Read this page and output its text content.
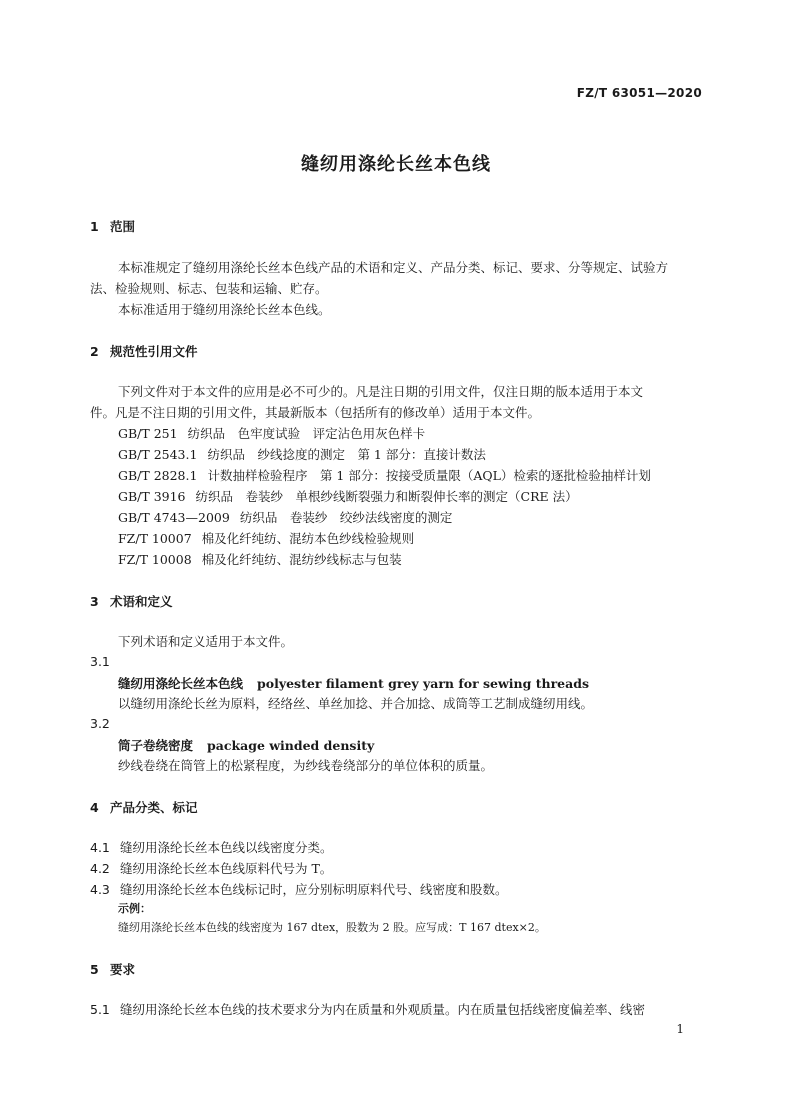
FZ/T 63051—2020
缝纫用涤纶长丝本色线
1 范围
本标准规定了缝纫用涤纶长丝本色线产品的术语和定义、产品分类、标记、要求、分等规定、试验方
法、检验规则、标志、包装和运输、贮存。
本标准适用于缝纫用涤纶长丝本色线。
2 规范性引用文件
下列文件对于本文件的应用是必不可少的。凡是注日期的引用文件，仅注日期的版本适用于本文
件。凡是不注日期的引用文件，其最新版本（包括所有的修改单）适用于本文件。
GB/T 251 纺织品　色牢度试验　评定沾色用灰色样卡
GB/T 2543.1 纺织品　纱线捻度的测定　第 1 部分：直接计数法
GB/T 2828.1 计数抽样检验程序　第 1 部分：按接受质量限（AQL）检索的逐批检验抽样计划
GB/T 3916 纺织品　卷装纱　单根纱线断裂强力和断裂伸长率的测定（CRE 法）
GB/T 4743—2009 纺织品　卷装纱　绞纱法线密度的测定
FZ/T 10007 棉及化纤纯纺、混纺本色纱线检验规则
FZ/T 10008 棉及化纤纯纺、混纺纱线标志与包装
3 术语和定义
下列术语和定义适用于本文件。
3.1
缝纫用涤纶长丝本色线 polyester filament grey yarn for sewing threads
以缝纫用涤纶长丝为原料，经络丝、单丝加捻、并合加捻、成筒等工艺制成缝纫用线。
3.2
筒子卷绕密度 package winded density
纱线卷绕在筒管上的松紧程度，为纱线卷绕部分的单位体积的质量。
4 产品分类、标记
4.1 缝纫用涤纶长丝本色线以线密度分类。
4.2 缝纫用涤纶长丝本色线原料代号为 T。
4.3 缝纫用涤纶长丝本色线标记时，应分别标明原料代号、线密度和股数。
示例：
缝纫用涤纶长丝本色线的线密度为 167 dtex，股数为 2 股。应写成：T 167 dtex×2。
5 要求
5.1 缝纫用涤纶长丝本色线的技术要求分为内在质量和外观质量。内在质量包括线密度偏差率、线密
1
